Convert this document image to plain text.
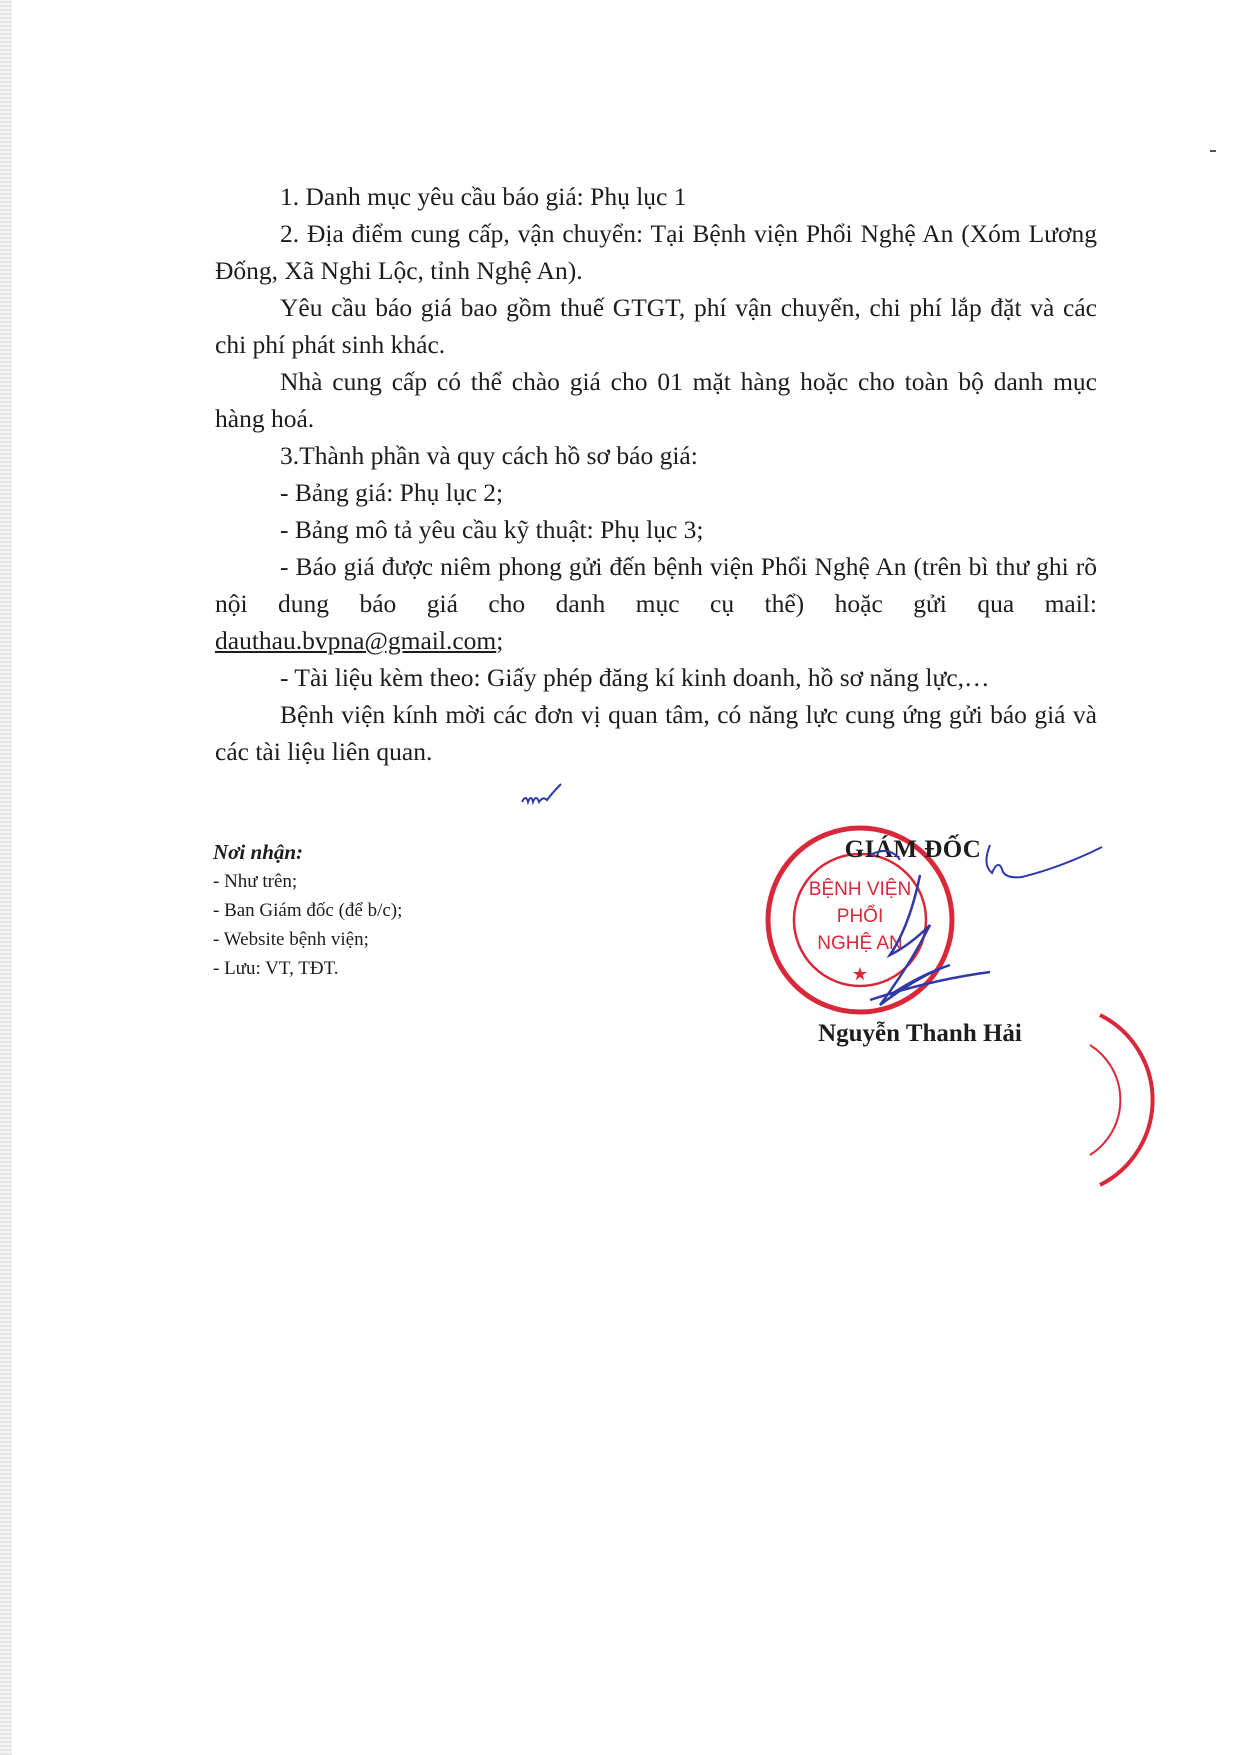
1. Danh mục yêu cầu báo giá: Phụ lục 1

2. Địa điểm cung cấp, vận chuyển: Tại Bệnh viện Phổi Nghệ An (Xóm Lương Đống, Xã Nghi Lộc, tỉnh Nghệ An).

Yêu cầu báo giá bao gồm thuế GTGT, phí vận chuyển, chi phí lắp đặt và các chi phí phát sinh khác.

Nhà cung cấp có thể chào giá cho 01 mặt hàng hoặc cho toàn bộ danh mục hàng hoá.

3.Thành phần và quy cách hồ sơ báo giá:

- Bảng giá: Phụ lục 2;

- Bảng mô tả yêu cầu kỹ thuật: Phụ lục 3;

- Báo giá được niêm phong gửi đến bệnh viện Phổi Nghệ An (trên bì thư ghi rõ nội dung báo giá cho danh mục cụ thể) hoặc gửi qua mail: dauthau.bvpna@gmail.com;

- Tài liệu kèm theo: Giấy phép đăng kí kinh doanh, hồ sơ năng lực,…

Bệnh viện kính mời các đơn vị quan tâm, có năng lực cung ứng gửi báo giá và các tài liệu liên quan.

Nơi nhận:
- Như trên;
- Ban Giám đốc (để b/c);
- Website bệnh viện;
- Lưu: VT, TĐT.
BỆNH VIỆN
PHỔI
NGHỆ AN
★
GIÁM ĐỐC
Nguyễn Thanh Hải
